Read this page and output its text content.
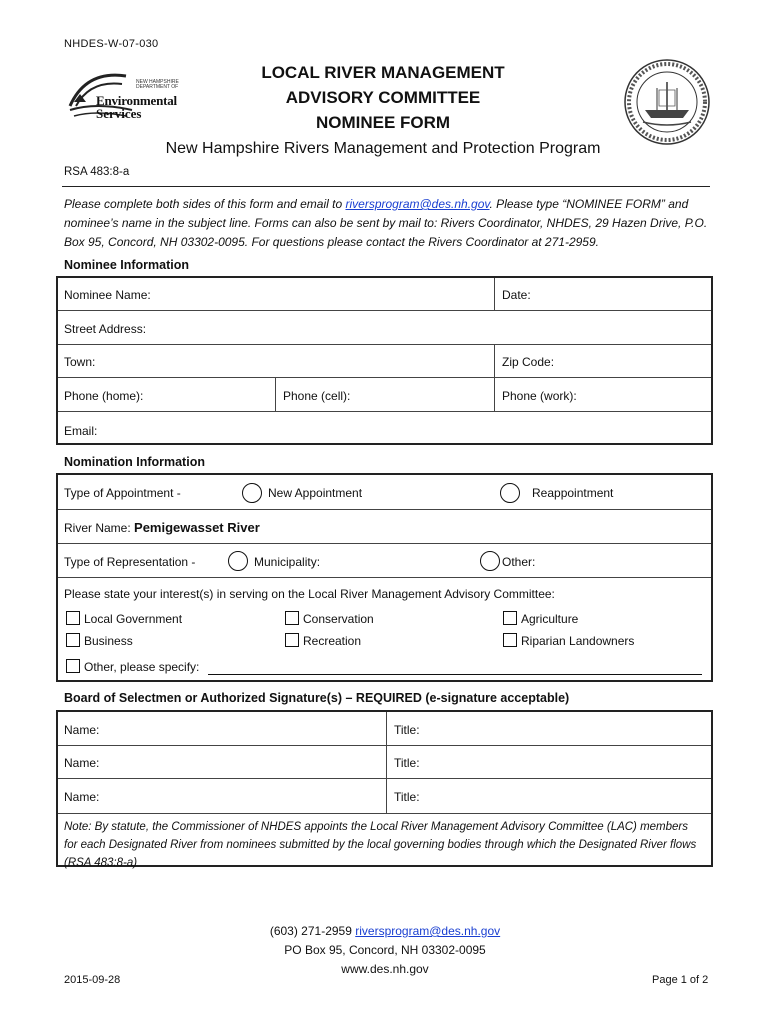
NHDES-W-07-030
NEW HAMPSHIRE DEPARTMENT OF
Environmental
Services
LOCAL RIVER MANAGEMENT
ADVISORY COMMITTEE
NOMINEE FORM
New Hampshire Rivers Management and Protection Program
RSA 483:8-a
Please complete both sides of this form and email to riversprogram@des.nh.gov. Please type “NOMINEE FORM” and nominee’s name in the subject line. Forms can also be sent by mail to: Rivers Coordinator, NHDES, 29 Hazen Drive, P.O. Box 95, Concord, NH 03302-0095. For questions please contact the Rivers Coordinator at 271-2959.
Nominee Information
Nominee Name:	Date:
Street Address:
Town:	Zip Code:
Phone (home):	Phone (cell):	Phone (work):
Email:
Nomination Information
Type of Appointment -	New Appointment	Reappointment
River Name: Pemigewasset River
Type of Representation -	Municipality:	Other:
Please state your interest(s) in serving on the Local River Management Advisory Committee:
Local Government	Conservation	Agriculture
Business	Recreation	Riparian Landowners
Other, please specify:
Board of Selectmen or Authorized Signature(s) – REQUIRED (e-signature acceptable)
Name:	Title:
Name:	Title:
Name:	Title:
Note: By statute, the Commissioner of NHDES appoints the Local River Management Advisory Committee (LAC) members for each Designated River from nominees submitted by the local governing bodies through which the Designated River flows (RSA 483:8-a)
(603) 271-2959 riversprogram@des.nh.gov
PO Box 95, Concord, NH 03302-0095
www.des.nh.gov
2015-09-28	Page 1 of 2
